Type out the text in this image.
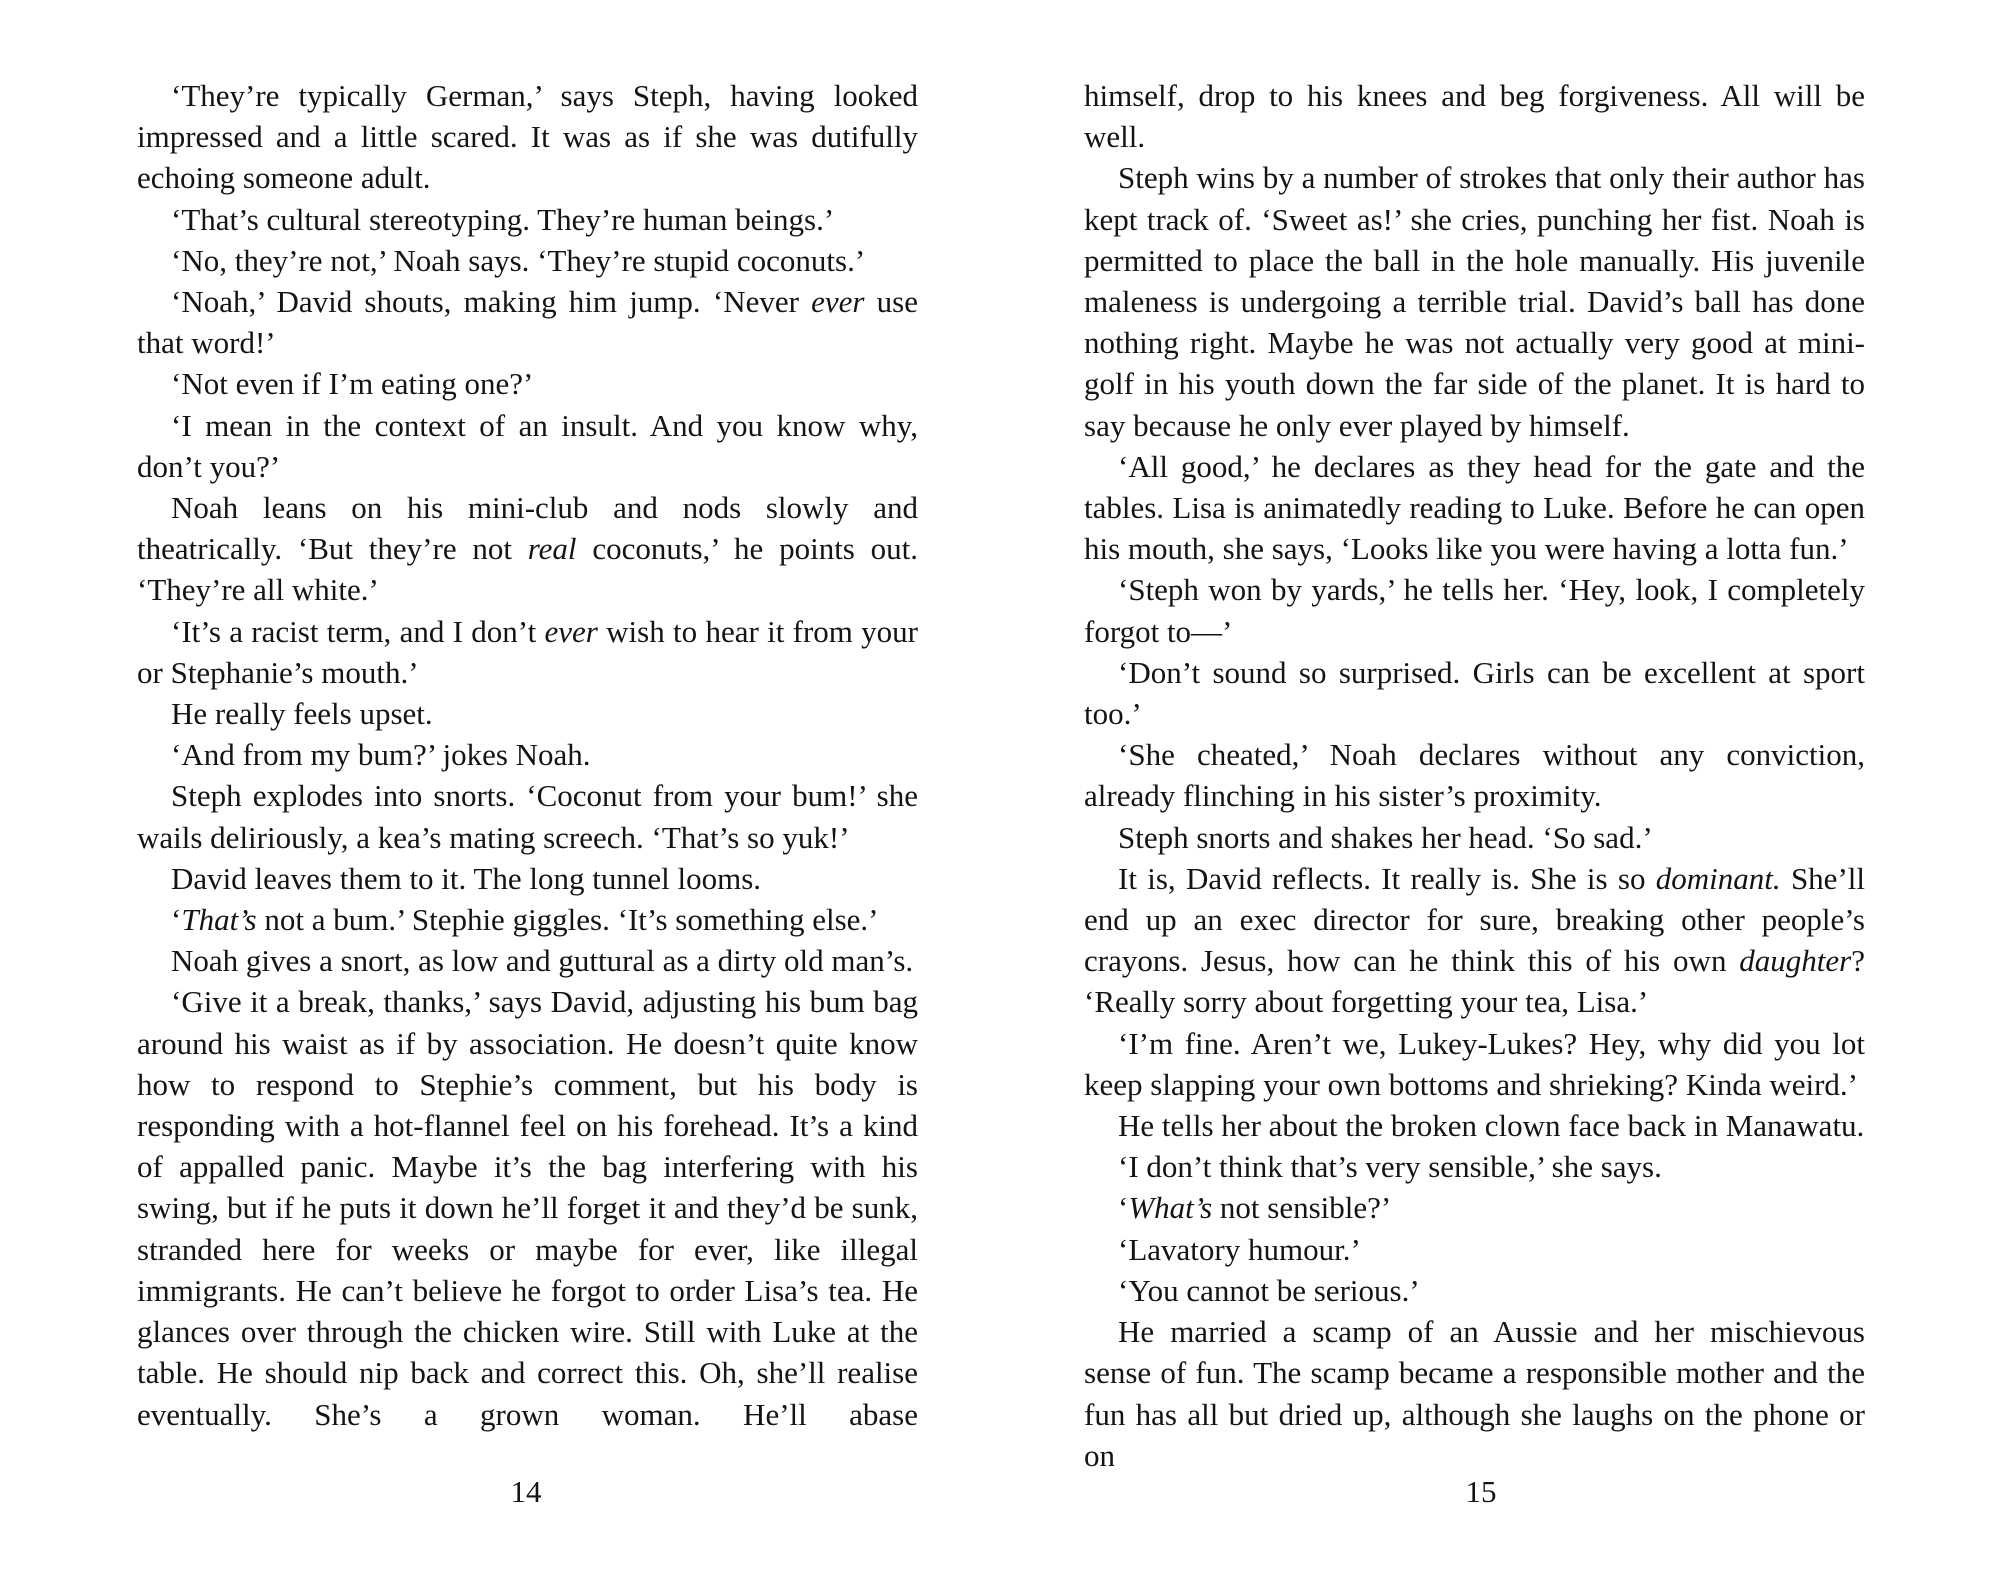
‘They’re typically German,’ says Steph, having looked impressed and a little scared. It was as if she was dutifully echoing someone adult.

‘That’s cultural stereotyping. They’re human beings.’

‘No, they’re not,’ Noah says. ‘They’re stupid coconuts.’

‘Noah,’ David shouts, making him jump. ‘Never ever use that word!’

‘Not even if I’m eating one?’

‘I mean in the context of an insult. And you know why, don’t you?’

Noah leans on his mini-club and nods slowly and theatrically. ‘But they’re not real coconuts,’ he points out. ‘They’re all white.’

‘It’s a racist term, and I don’t ever wish to hear it from your or Stephanie’s mouth.’

He really feels upset.

‘And from my bum?’ jokes Noah.

Steph explodes into snorts. ‘Coconut from your bum!’ she wails deliriously, a kea’s mating screech. ‘That’s so yuk!’

David leaves them to it. The long tunnel looms.

‘That’s not a bum.’ Stephie giggles. ‘It’s something else.’

Noah gives a snort, as low and guttural as a dirty old man’s.

‘Give it a break, thanks,’ says David, adjusting his bum bag around his waist as if by association. He doesn’t quite know how to respond to Stephie’s comment, but his body is responding with a hot-flannel feel on his forehead. It’s a kind of appalled panic. Maybe it’s the bag interfering with his swing, but if he puts it down he’ll forget it and they’d be sunk, stranded here for weeks or maybe for ever, like illegal immigrants. He can’t believe he forgot to order Lisa’s tea. He glances over through the chicken wire. Still with Luke at the table. He should nip back and correct this. Oh, she’ll realise eventually. She’s a grown woman. He’ll abase

14

himself, drop to his knees and beg forgiveness. All will be well.

Steph wins by a number of strokes that only their author has kept track of. ‘Sweet as!’ she cries, punching her fist. Noah is permitted to place the ball in the hole manually. His juvenile maleness is undergoing a terrible trial. David’s ball has done nothing right. Maybe he was not actually very good at mini-golf in his youth down the far side of the planet. It is hard to say because he only ever played by himself.

‘All good,’ he declares as they head for the gate and the tables. Lisa is animatedly reading to Luke. Before he can open his mouth, she says, ‘Looks like you were having a lotta fun.’

‘Steph won by yards,’ he tells her. ‘Hey, look, I completely forgot to—’

‘Don’t sound so surprised. Girls can be excellent at sport too.’

‘She cheated,’ Noah declares without any conviction, already flinching in his sister’s proximity.

Steph snorts and shakes her head. ‘So sad.’

It is, David reflects. It really is. She is so dominant. She’ll end up an exec director for sure, breaking other people’s crayons. Jesus, how can he think this of his own daughter? ‘Really sorry about forgetting your tea, Lisa.’

‘I’m fine. Aren’t we, Lukey-Lukes? Hey, why did you lot keep slapping your own bottoms and shrieking? Kinda weird.’

He tells her about the broken clown face back in Manawatu.

‘I don’t think that’s very sensible,’ she says.

‘What’s not sensible?’

‘Lavatory humour.’

‘You cannot be serious.’

He married a scamp of an Aussie and her mischievous sense of fun. The scamp became a responsible mother and the fun has all but dried up, although she laughs on the phone or on

15
